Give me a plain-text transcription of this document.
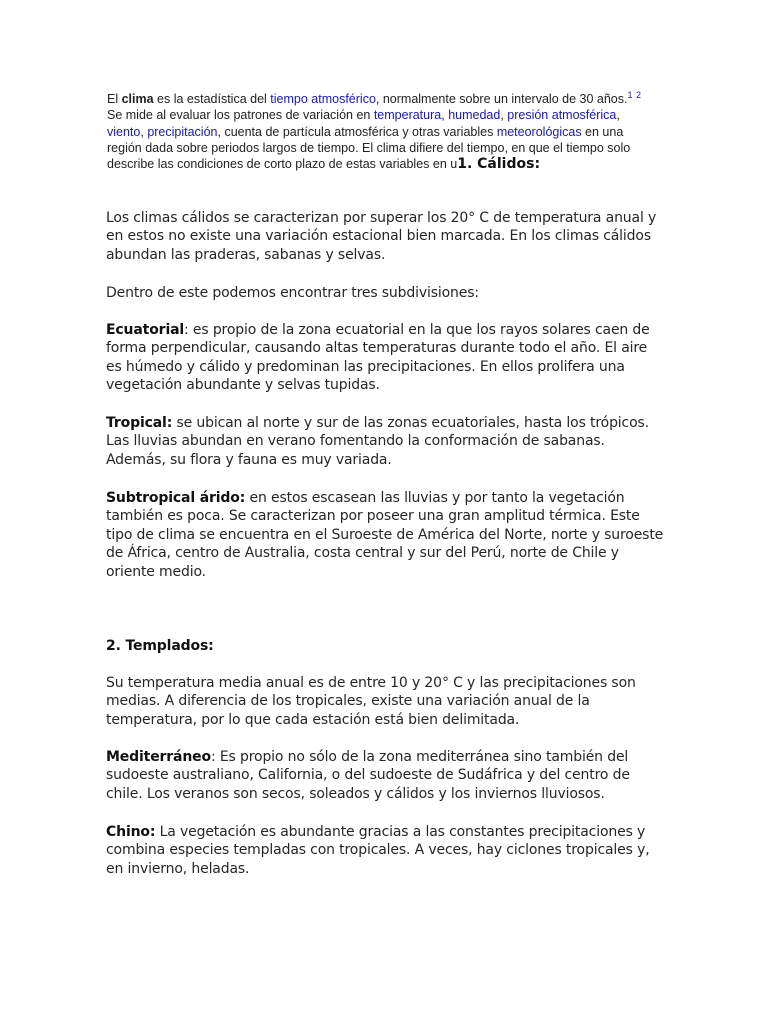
El clima es la estadística del tiempo atmosférico, normalmente sobre un intervalo de 30 años.$^1$ $^2$ Se mide al evaluar los patrones de variación en temperatura, humedad, presión atmosférica, viento, precipitación, cuenta de partícula atmosférica y otras variables meteorológicas en una región dada sobre periodos largos de tiempo. El clima difiere del tiempo, en que el tiempo solo describe las condiciones de corto plazo de estas variables en u1. Cálidos:
Los climas cálidos se caracterizan por superar los 20° C de temperatura anual y en estos no existe una variación estacional bien marcada. En los climas cálidos abundan las praderas, sabanas y selvas.
Dentro de este podemos encontrar tres subdivisiones:
Ecuatorial: es propio de la zona ecuatorial en la que los rayos solares caen de forma perpendicular, causando altas temperaturas durante todo el año. El aire es húmedo y cálido y predominan las precipitaciones. En ellos prolifera una vegetación abundante y selvas tupidas.
Tropical: se ubican al norte y sur de las zonas ecuatoriales, hasta los trópicos. Las lluvias abundan en verano fomentando la conformación de sabanas. Además, su flora y fauna es muy variada.
Subtropical árido: en estos escasean las lluvias y por tanto la vegetación también es poca. Se caracterizan por poseer una gran amplitud térmica. Este tipo de clima se encuentra en el Suroeste de América del Norte, norte y suroeste de África, centro de Australia, costa central y sur del Perú, norte de Chile y oriente medio.
2. Templados:
Su temperatura media anual es de entre 10 y 20° C y las precipitaciones son medias. A diferencia de los tropicales, existe una variación anual de la temperatura, por lo que cada estación está bien delimitada.
Mediterráneo: Es propio no sólo de la zona mediterránea sino también del sudoeste australiano, California, o del sudoeste de Sudáfrica y del centro de chile. Los veranos son secos, soleados y cálidos y los inviernos lluviosos.
Chino: La vegetación es abundante gracias a las constantes precipitaciones y combina especies templadas con tropicales. A veces, hay ciclones tropicales y, en invierno, heladas.
